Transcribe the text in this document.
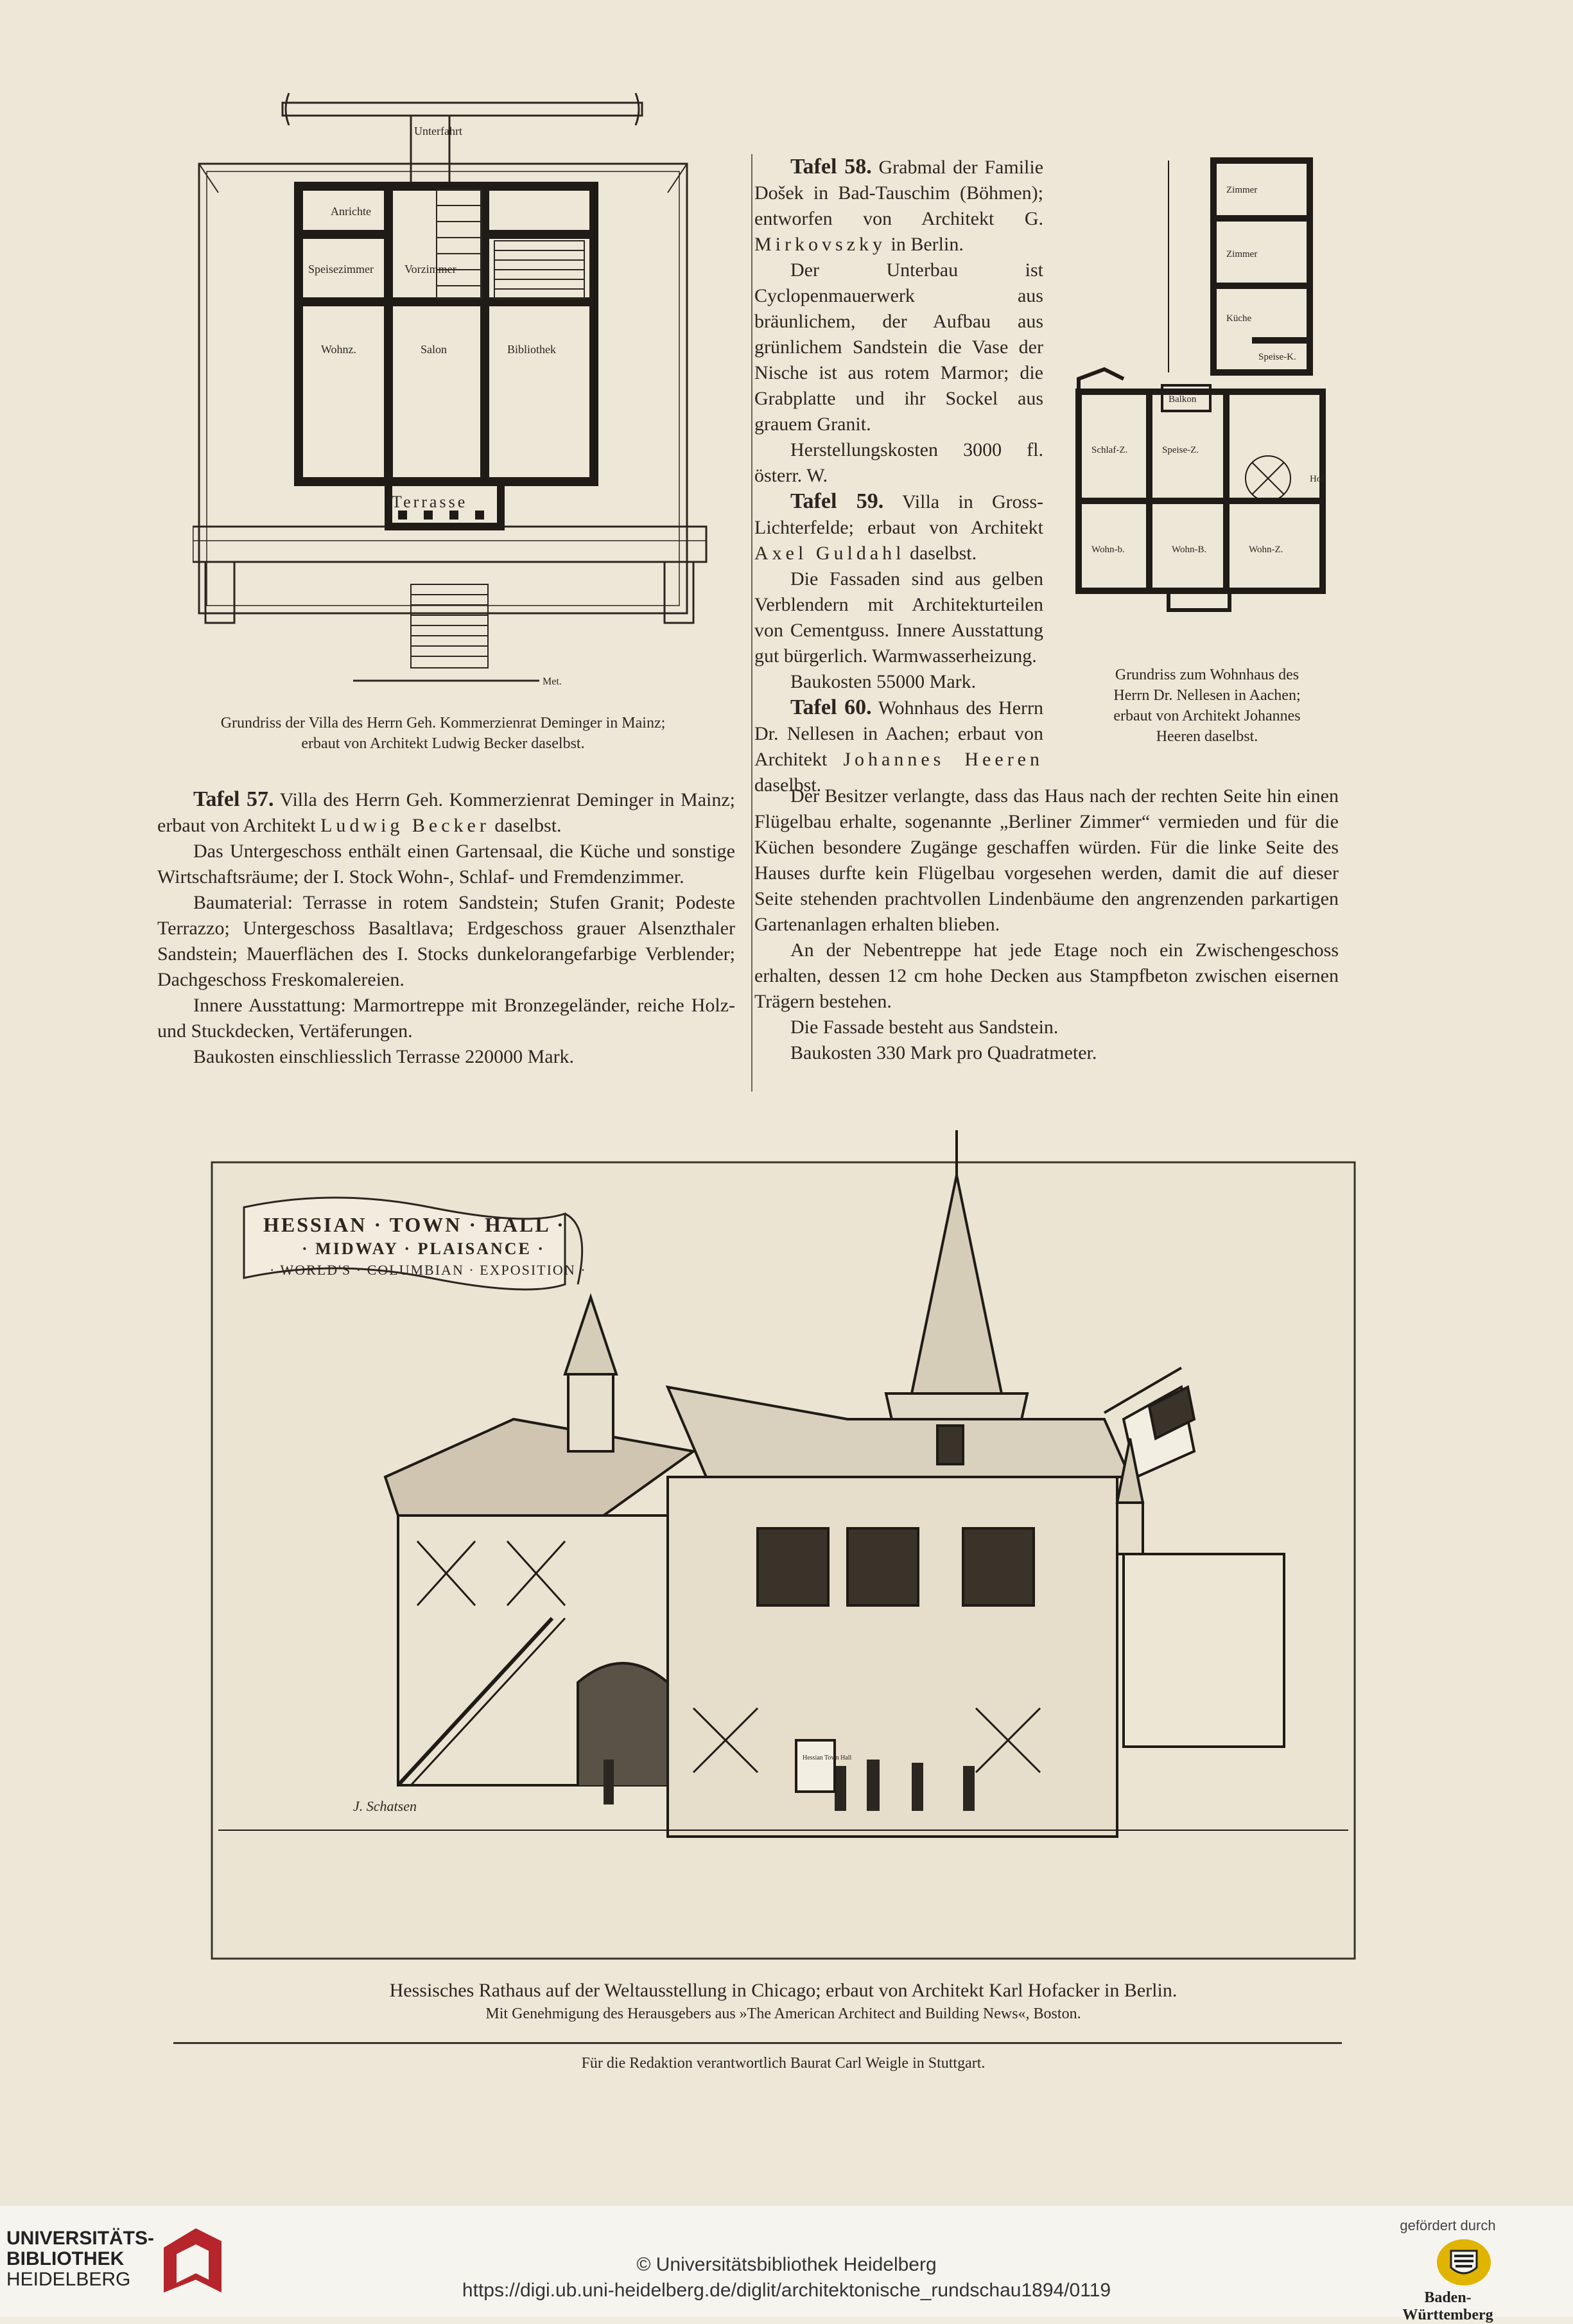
Unterfahrt
Anrichte
Speisezimmer	Vorzimmer
Wohnz.	Salon	Bibliothek
Terrasse
Met.
Grundriss der Villa des Herrn Geh. Kommerzienrat Deminger in Mainz;
erbaut von Architekt Ludwig Becker daselbst.

Tafel 58. Grabmal der Familie Došek in Bad-Tauschim (Böhmen); entworfen von Architekt G. Mirkovszky in Berlin.

Der Unterbau ist Cyclopenmauerwerk aus bräunlichem, der Aufbau aus grünlichem Sandstein die Vase der Nische ist aus rotem Marmor; die Grabplatte und ihr Sockel aus grauem Granit.

Herstellungskosten 3000 fl. österr. W.

Tafel 59. Villa in Gross-Lichterfelde; erbaut von Architekt Axel Guldahl daselbst.

Die Fassaden sind aus gelben Verblendern mit Architekturteilen von Cementguss. Innere Ausstattung gut bürgerlich. Warmwasserheizung.

Baukosten 55000 Mark.

Tafel 60. Wohnhaus des Herrn Dr. Nellesen in Aachen; erbaut von Architekt Johannes Heeren daselbst.

Zimmer
Zimmer
Küche
Speise-K.
Balkon
Schlaf-Z.	Speise-Z.
Wohn-b.	Wohn-B.	Wohn-Z.
Hof
Grundriss zum Wohnhaus des
Herrn Dr. Nellesen in Aachen;
erbaut von Architekt Johannes
Heeren daselbst.

Der Besitzer verlangte, dass das Haus nach der rechten Seite hin einen Flügelbau erhalte, sogenannte „Berliner Zimmer“ vermieden und für die Küchen besondere Zugänge geschaffen würden. Für die linke Seite des Hauses durfte kein Flügelbau vorgesehen werden, damit die auf dieser Seite stehenden prachtvollen Lindenbäume den angrenzenden parkartigen Gartenanlagen erhalten blieben.

An der Nebentreppe hat jede Etage noch ein Zwischengeschoss erhalten, dessen 12 cm hohe Decken aus Stampfbeton zwischen eisernen Trägern bestehen.

Die Fassade besteht aus Sandstein.

Baukosten 330 Mark pro Quadratmeter.

Tafel 57. Villa des Herrn Geh. Kommerzienrat Deminger in Mainz; erbaut von Architekt Ludwig Becker daselbst.

Das Untergeschoss enthält einen Gartensaal, die Küche und sonstige Wirtschaftsräume; der I. Stock Wohn-, Schlaf- und Fremdenzimmer.

Baumaterial: Terrasse in rotem Sandstein; Stufen Granit; Podeste Terrazzo; Untergeschoss Basaltlava; Erdgeschoss grauer Alsenzthaler Sandstein; Mauerflächen des I. Stocks dunkelorangefarbige Verblender; Dachgeschoss Freskomalereien.

Innere Ausstattung: Marmortreppe mit Bronzegeländer, reiche Holz- und Stuckdecken, Vertäferungen.

Baukosten einschliesslich Terrasse 220000 Mark.

HESSIAN · TOWN · HALL ·
· MIDWAY · PLAISANCE ·
· WORLD'S · COLUMBIAN · EXPOSITION ·
Hessian Town Hall
J. Schatsen
Hessisches Rathaus auf der Weltausstellung in Chicago; erbaut von Architekt Karl Hofacker in Berlin.
Mit Genehmigung des Herausgebers aus »The American Architect and Building News«, Boston.
Für die Redaktion verantwortlich Baurat Carl Weigle in Stuttgart.
UNIVERSITÄTS-
BIBLIOTHEK
HEIDELBERG
© Universitätsbibliothek Heidelberg
https://digi.ub.uni-heidelberg.de/diglit/architektonische_rundschau1894/0119
gefördert durch
Baden-Württemberg
